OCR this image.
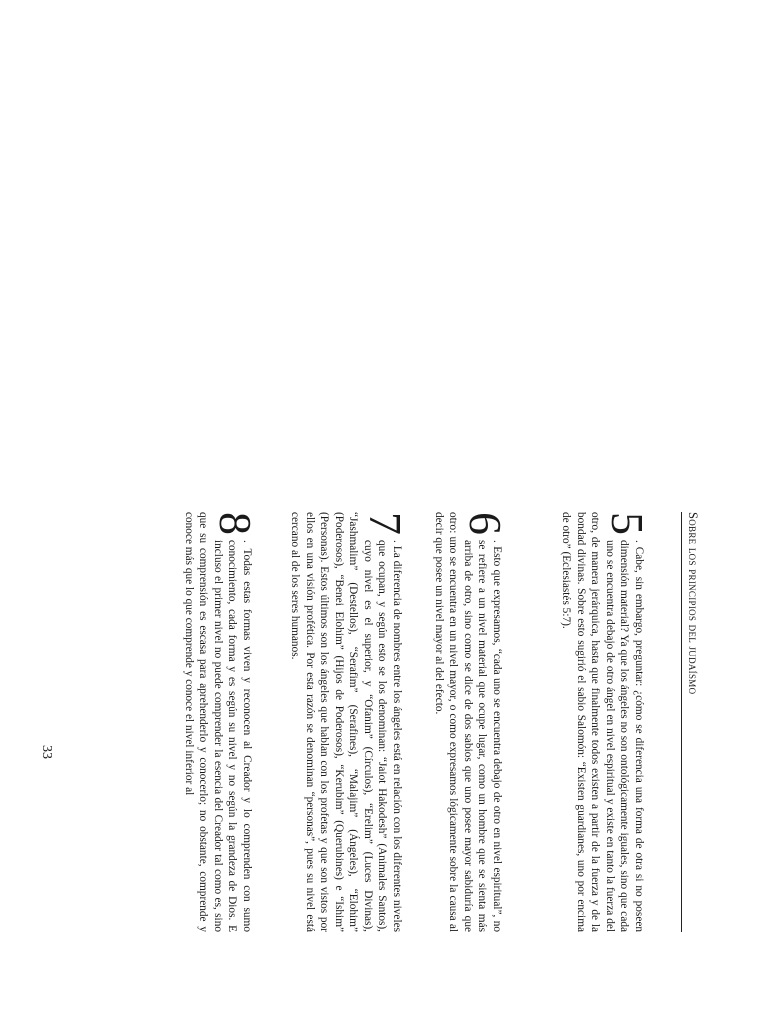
Sobre los principios del judaísmo
5
. Cabe, sin embargo, preguntar: ¿cómo se diferencia una forma de otra si no poseen dimensión material? Ya que los ángeles no son ontológicamente iguales, sino que cada uno se encuentra debajo de otro ángel en nivel espiritual y existe en tanto la fuerza del otro, de manera jerárquica, hasta que finalmente todos existen a partir de la fuerza y de la bondad divinas. Sobre esto sugirió el sabio Salomón: “Existen guardianes, uno por encima de otro” (Eclesiastés 5:7).
6
. Esto que expresamos, “cada uno se encuentra debajo de otro en nivel espiritual”, no se refiere a un nivel material que ocupe lugar, como un hombre que se sienta más arriba de otro, sino como se dice de dos sabios que uno posee mayor sabiduría que otro: uno se encuentra en un nivel mayor, o como expresamos lógicamente sobre la causa al decir que posee un nivel mayor al del efecto.
7
. La diferencia de nombres entre los ángeles está en relación con los diferentes niveles que ocupan, y según esto se los denominan: “Jaiot Hakodesh” (Animales Santos), cuyo nivel es el superior, y “Ofanim” (Círculos), “Erelim” (Luces Divinas), “Jashmalim” (Destellos), “Serafim” (Serafines), “Malajim” (Ángeles), “Elohim” (Poderosos), “Benei Elohim” (Hijos de Poderosos), “Kerubim” (Querubines) e “Ishim” (Personas). Estos últimos son los ángeles que hablan con los profetas y que son vistos por ellos en una visión profética. Por esta razón se denominan “personas”, pues su nivel está cercano al de los seres humanos.
8
. Todas estas formas viven y reconocen al Creador y lo comprenden con sumo conocimiento, cada forma y es según su nivel y no según la grandeza de Dios. E incluso el primer nivel no puede comprender la esencia del Creador tal como es, sino que su comprensión es escasa para aprehenderlo y conocerlo; no obstante, comprende y conoce más que lo que comprende y conoce el nivel inferior al
33
